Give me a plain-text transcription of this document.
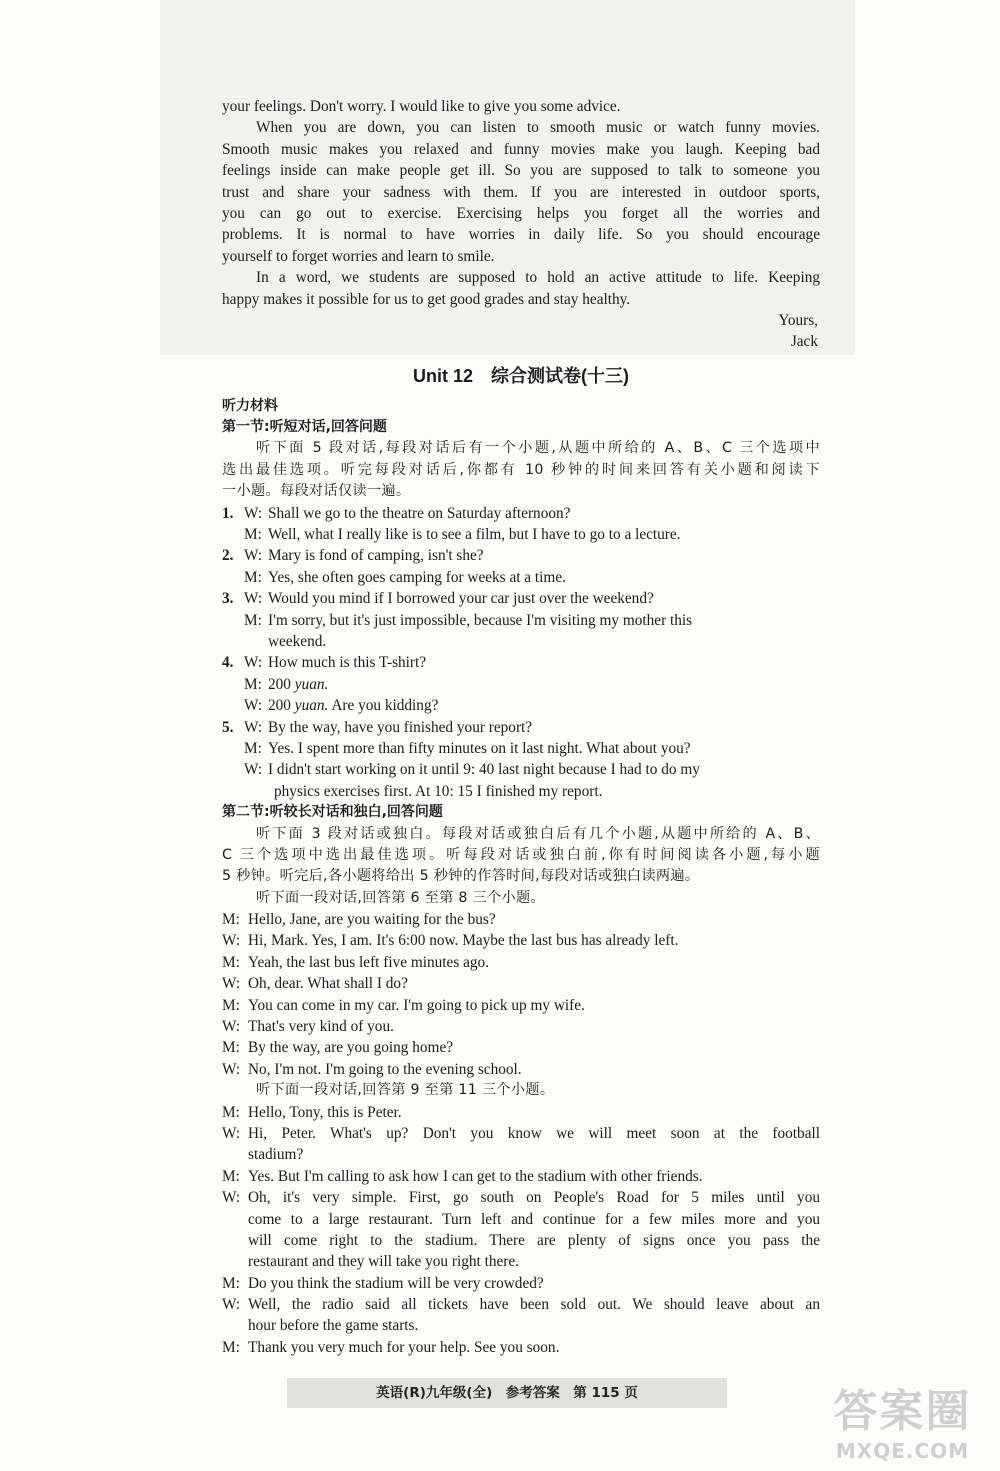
your feelings. Don't worry. I would like to give you some advice.
When you are down, you can listen to smooth music or watch funny movies.
Smooth music makes you relaxed and funny movies make you laugh. Keeping bad
feelings inside can make people get ill. So you are supposed to talk to someone you
trust and share your sadness with them. If you are interested in outdoor sports,
you can go out to exercise. Exercising helps you forget all the worries and
problems. It is normal to have worries in daily life. So you should encourage
yourself to forget worries and learn to smile.
In a word, we students are supposed to hold an active attitude to life. Keeping
happy makes it possible for us to get good grades and stay healthy.
Yours,
Jack
Unit 12　综合测试卷(十三)
听力材料
第一节:听短对话,回答问题
听下面 5 段对话,每段对话后有一个小题,从题中所给的 A、B、C 三个选项中
选出最佳选项。听完每段对话后,你都有 10 秒钟的时间来回答有关小题和阅读下
一小题。每段对话仅读一遍。
1. W: Shall we go to the theatre on Saturday afternoon?
M: Well, what I really like is to see a film, but I have to go to a lecture.
2. W: Mary is fond of camping, isn't she?
M: Yes, she often goes camping for weeks at a time.
3. W: Would you mind if I borrowed your car just over the weekend?
M: I'm sorry, but it's just impossible, because I'm visiting my mother this
weekend.
4. W: How much is this T-shirt?
M: 200 yuan.
W: 200 yuan. Are you kidding?
5. W: By the way, have you finished your report?
M: Yes. I spent more than fifty minutes on it last night. What about you?
W: I didn't start working on it until 9: 40 last night because I had to do my
physics exercises first. At 10: 15 I finished my report.
第二节:听较长对话和独白,回答问题
听下面 3 段对话或独白。每段对话或独白后有几个小题,从题中所给的 A、B、
C 三个选项中选出最佳选项。听每段对话或独白前,你有时间阅读各小题,每小题
5 秒钟。听完后,各小题将给出 5 秒钟的作答时间,每段对话或独白读两遍。
听下面一段对话,回答第 6 至第 8 三个小题。
M: Hello, Jane, are you waiting for the bus?
W: Hi, Mark. Yes, I am. It's 6:00 now. Maybe the last bus has already left.
M: Yeah, the last bus left five minutes ago.
W: Oh, dear. What shall I do?
M: You can come in my car. I'm going to pick up my wife.
W: That's very kind of you.
M: By the way, are you going home?
W: No, I'm not. I'm going to the evening school.
听下面一段对话,回答第 9 至第 11 三个小题。
M: Hello, Tony, this is Peter.
W: Hi, Peter. What's up? Don't you know we will meet soon at the football
stadium?
M: Yes. But I'm calling to ask how I can get to the stadium with other friends.
W: Oh, it's very simple. First, go south on People's Road for 5 miles until you
come to a large restaurant. Turn left and continue for a few miles more and you
will come right to the stadium. There are plenty of signs once you pass the
restaurant and they will take you right there.
M: Do you think the stadium will be very crowded?
W: Well, the radio said all tickets have been sold out. We should leave about an
hour before the game starts.
M: Thank you very much for your help. See you soon.
英语(R)九年级(全)　参考答案　第 115 页	答案圈
MXQE.COM
